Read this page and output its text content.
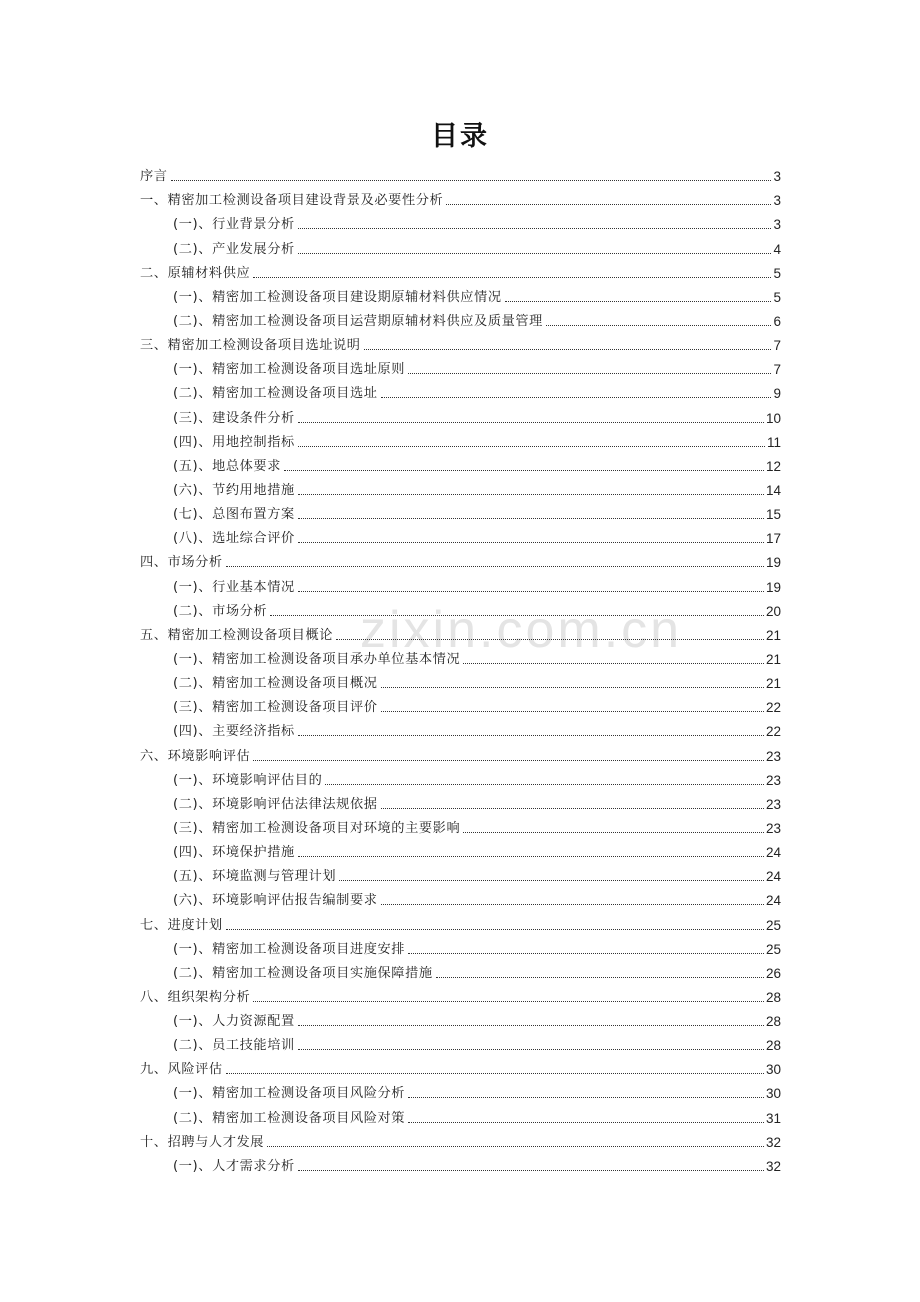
目录
zixin.com.cn
序言	3
一、精密加工检测设备项目建设背景及必要性分析	3
(一)、行业背景分析	3
(二)、产业发展分析	4
二、原辅材料供应	5
(一)、精密加工检测设备项目建设期原辅材料供应情况	5
(二)、精密加工检测设备项目运营期原辅材料供应及质量管理	6
三、精密加工检测设备项目选址说明	7
(一)、精密加工检测设备项目选址原则	7
(二)、精密加工检测设备项目选址	9
(三)、建设条件分析	10
(四)、用地控制指标	11
(五)、地总体要求	12
(六)、节约用地措施	14
(七)、总图布置方案	15
(八)、选址综合评价	17
四、市场分析	19
(一)、行业基本情况	19
(二)、市场分析	20
五、精密加工检测设备项目概论	21
(一)、精密加工检测设备项目承办单位基本情况	21
(二)、精密加工检测设备项目概况	21
(三)、精密加工检测设备项目评价	22
(四)、主要经济指标	22
六、环境影响评估	23
(一)、环境影响评估目的	23
(二)、环境影响评估法律法规依据	23
(三)、精密加工检测设备项目对环境的主要影响	23
(四)、环境保护措施	24
(五)、环境监测与管理计划	24
(六)、环境影响评估报告编制要求	24
七、进度计划	25
(一)、精密加工检测设备项目进度安排	25
(二)、精密加工检测设备项目实施保障措施	26
八、组织架构分析	28
(一)、人力资源配置	28
(二)、员工技能培训	28
九、风险评估	30
(一)、精密加工检测设备项目风险分析	30
(二)、精密加工检测设备项目风险对策	31
十、招聘与人才发展	32
(一)、人才需求分析	32
